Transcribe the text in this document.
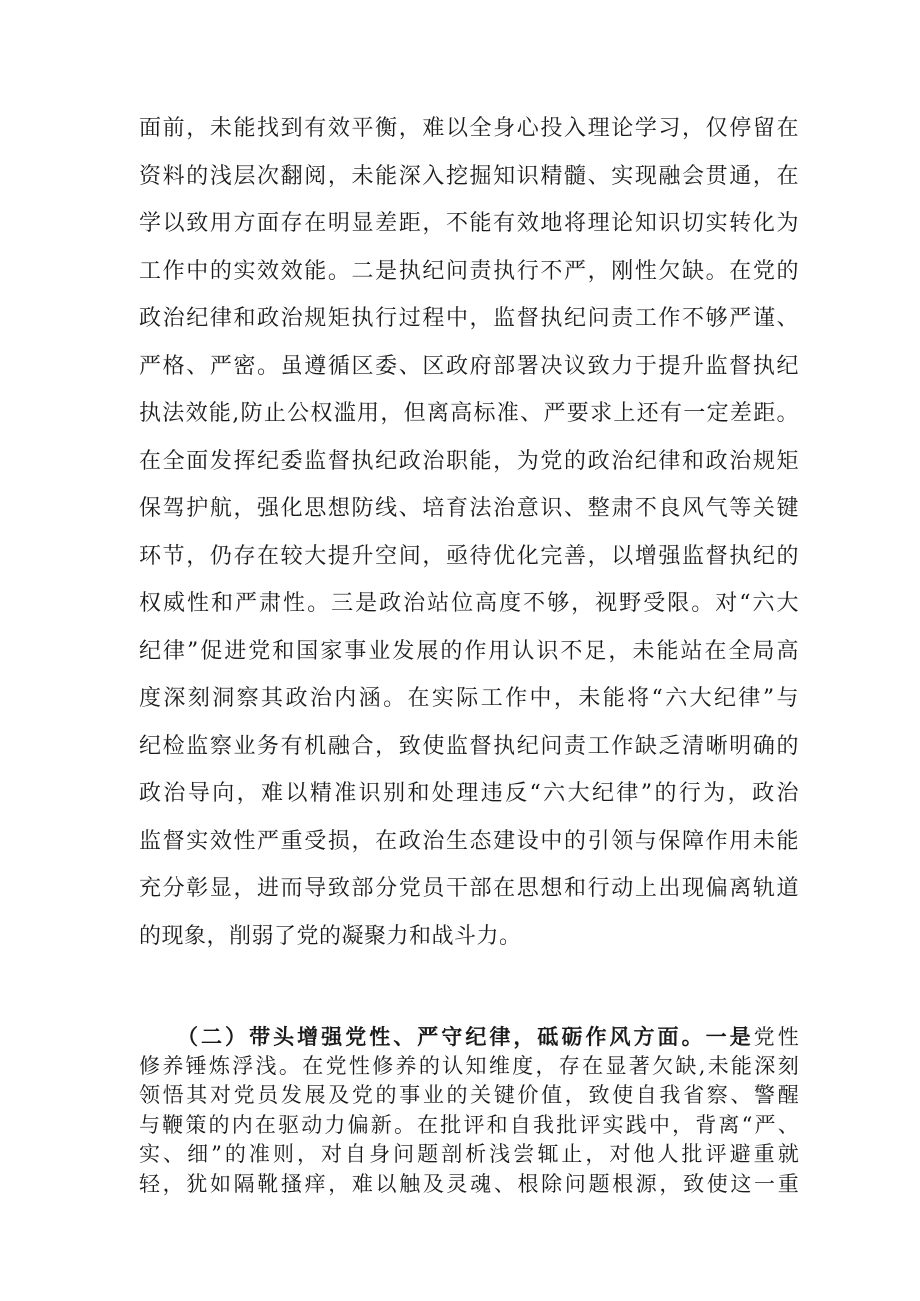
面前，未能找到有效平衡，难以全身心投入理论学习，仅停留在
资料的浅层次翻阅，未能深入挖掘知识精髓、实现融会贯通，在
学以致用方面存在明显差距，不能有效地将理论知识切实转化为
工作中的实效效能。二是执纪问责执行不严，刚性欠缺。在党的
政治纪律和政治规矩执行过程中，监督执纪问责工作不够严谨、
严格、严密。虽遵循区委、区政府部署决议致力于提升监督执纪
执法效能,防止公权滥用，但离高标准、严要求上还有一定差距。
在全面发挥纪委监督执纪政治职能，为党的政治纪律和政治规矩
保驾护航，强化思想防线、培育法治意识、整肃不良风气等关键
环节，仍存在较大提升空间，亟待优化完善，以增强监督执纪的
权威性和严肃性。三是政治站位高度不够，视野受限。对“六大
纪律”促进党和国家事业发展的作用认识不足，未能站在全局高
度深刻洞察其政治内涵。在实际工作中，未能将“六大纪律”与
纪检监察业务有机融合，致使监督执纪问责工作缺乏清晰明确的
政治导向，难以精准识别和处理违反“六大纪律”的行为，政治
监督实效性严重受损，在政治生态建设中的引领与保障作用未能
充分彰显，进而导致部分党员干部在思想和行动上出现偏离轨道
的现象，削弱了党的凝聚力和战斗力。
（二）带头增强党性、严守纪律，砥砺作风方面。一是党性
修养锤炼浮浅。在党性修养的认知维度，存在显著欠缺,未能深刻
领悟其对党员发展及党的事业的关键价值，致使自我省察、警醒
与鞭策的内在驱动力偏新。在批评和自我批评实践中，背离“严、
实、细”的准则，对自身问题剖析浅尝辄止，对他人批评避重就
轻，犹如隔靴搔痒，难以触及灵魂、根除问题根源，致使这一重
